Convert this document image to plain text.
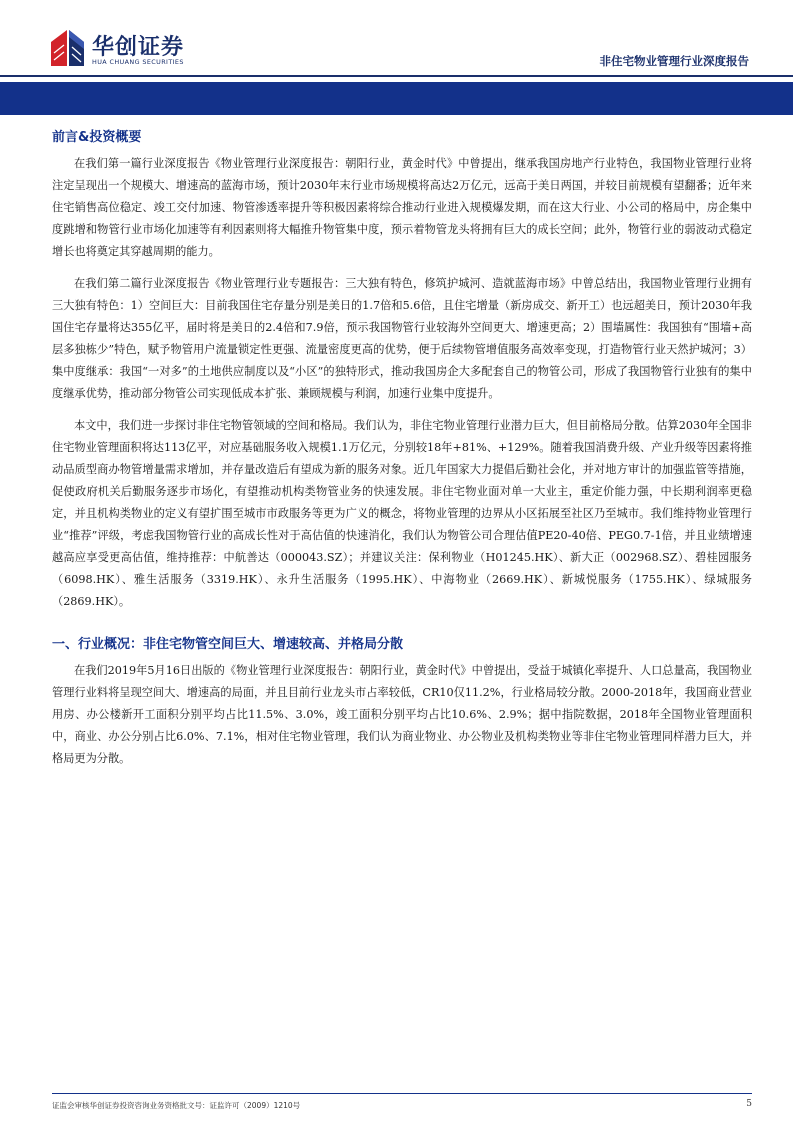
华创证券
HUA CHUANG SECURITIES	非住宅物业管理行业深度报告
前言&投资概要

在我们第一篇行业深度报告《物业管理行业深度报告：朝阳行业，黄金时代》中曾提出，继承我国房地产行业特色，我国物业管理行业将注定呈现出一个规模大、增速高的蓝海市场，预计2030年末行业市场规模将高达2万亿元，远高于美日两国，并较目前规模有望翻番；近年来住宅销售高位稳定、竣工交付加速、物管渗透率提升等积极因素将综合推动行业进入规模爆发期，而在这大行业、小公司的格局中，房企集中度跳增和物管行业市场化加速等有利因素则将大幅推升物管集中度，预示着物管龙头将拥有巨大的成长空间；此外，物管行业的弱波动式稳定增长也将奠定其穿越周期的能力。

在我们第二篇行业深度报告《物业管理行业专题报告：三大独有特色，修筑护城河、造就蓝海市场》中曾总结出，我国物业管理行业拥有三大独有特色：1）空间巨大：目前我国住宅存量分别是美日的1.7倍和5.6倍，且住宅增量（新房成交、新开工）也远超美日，预计2030年我国住宅存量将达355亿平，届时将是美日的2.4倍和7.9倍，预示我国物管行业较海外空间更大、增速更高；2）围墙属性：我国独有“围墙+高层多独栋少”特色，赋予物管用户流量锁定性更强、流量密度更高的优势，便于后续物管增值服务高效率变现，打造物管行业天然护城河；3）集中度继承：我国“一对多”的土地供应制度以及“小区”的独特形式，推动我国房企大多配套自己的物管公司，形成了我国物管行业独有的集中度继承优势，推动部分物管公司实现低成本扩张、兼顾规模与利润，加速行业集中度提升。

本文中，我们进一步探讨非住宅物管领域的空间和格局。我们认为，非住宅物业管理行业潜力巨大，但目前格局分散。估算2030年全国非住宅物业管理面积将达113亿平，对应基础服务收入规模1.1万亿元，分别较18年+81%、+129%。随着我国消费升级、产业升级等因素将推动品质型商办物管增量需求增加，并存量改造后有望成为新的服务对象。近几年国家大力提倡后勤社会化，并对地方审计的加强监管等措施，促使政府机关后勤服务逐步市场化，有望推动机构类物管业务的快速发展。非住宅物业面对单一大业主，重定价能力强，中长期利润率更稳定，并且机构类物业的定义有望扩围至城市市政服务等更为广义的概念，将物业管理的边界从小区拓展至社区乃至城市。我们维持物业管理行业“推荐”评级，考虑我国物管行业的高成长性对于高估值的快速消化，我们认为物管公司合理估值PE20-40倍、PEG0.7-1倍，并且业绩增速越高应享受更高估值，维持推荐：中航善达（000043.SZ）；并建议关注：保利物业（H01245.HK）、新大正（002968.SZ）、碧桂园服务（6098.HK）、雅生活服务（3319.HK）、永升生活服务（1995.HK）、中海物业（2669.HK）、新城悦服务（1755.HK）、绿城服务（2869.HK）。

一、行业概况：非住宅物管空间巨大、增速较高、并格局分散

在我们2019年5月16日出版的《物业管理行业深度报告：朝阳行业，黄金时代》中曾提出，受益于城镇化率提升、人口总量高，我国物业管理行业料将呈现空间大、增速高的局面，并且目前行业龙头市占率较低，CR10仅11.2%，行业格局较分散。2000-2018年，我国商业营业用房、办公楼新开工面积分别平均占比11.5%、3.0%，竣工面积分别平均占比10.6%、2.9%；据中指院数据，2018年全国物业管理面积中，商业、办公分别占比6.0%、7.1%，相对住宅物业管理，我们认为商业物业、办公物业及机构类物业等非住宅物业管理同样潜力巨大，并格局更为分散。

证监会审核华创证券投资咨询业务资格批文号：证监许可（2009）1210号	5
